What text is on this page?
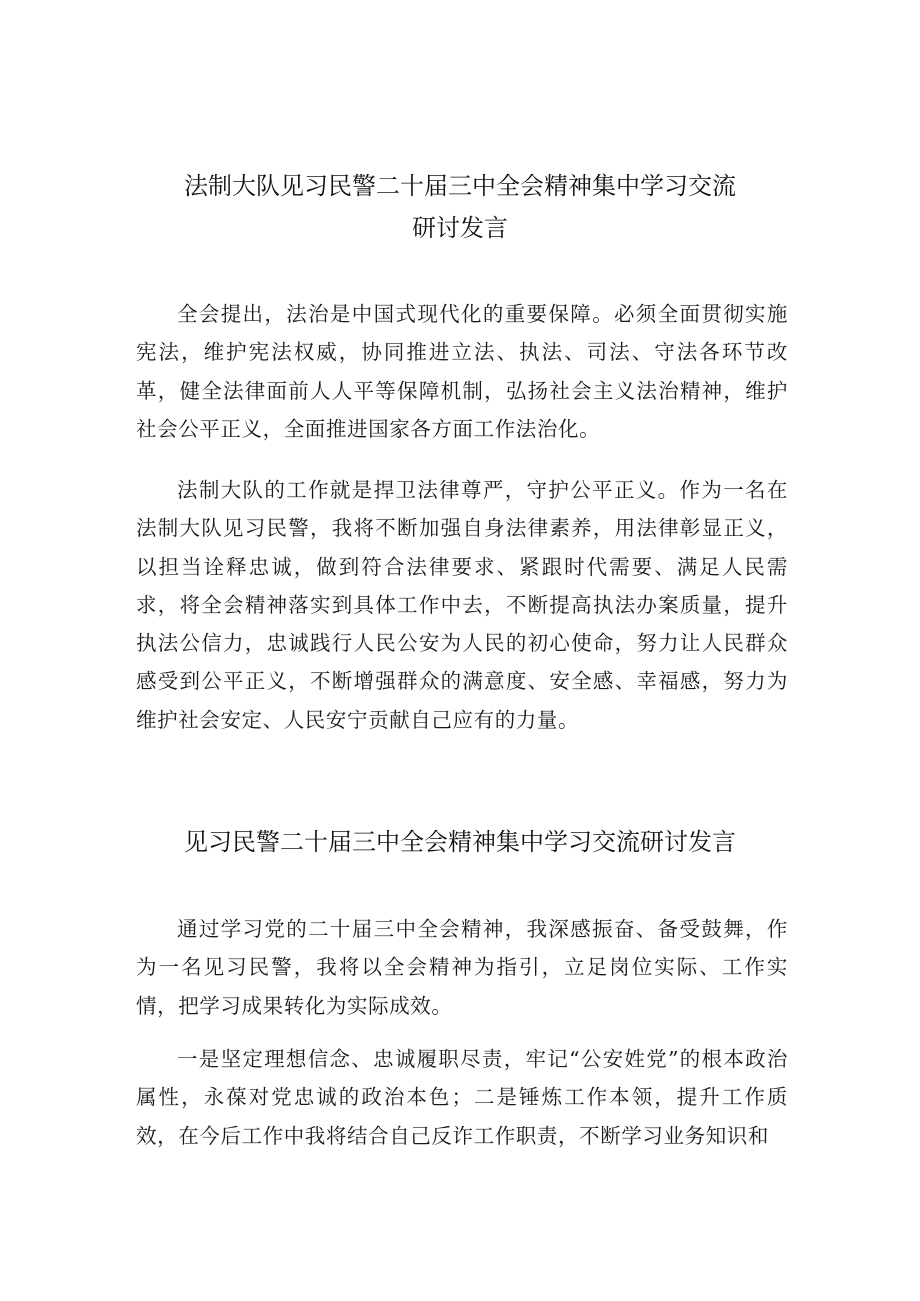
法制大队见习民警二十届三中全会精神集中学习交流
研讨发言

全会提出，法治是中国式现代化的重要保障。必须全面贯彻实施宪法，维护宪法权威，协同推进立法、执法、司法、守法各环节改革，健全法律面前人人平等保障机制，弘扬社会主义法治精神，维护社会公平正义，全面推进国家各方面工作法治化。

法制大队的工作就是捍卫法律尊严，守护公平正义。作为一名在法制大队见习民警，我将不断加强自身法律素养，用法律彰显正义，以担当诠释忠诚，做到符合法律要求、紧跟时代需要、满足人民需求，将全会精神落实到具体工作中去，不断提高执法办案质量，提升执法公信力，忠诚践行人民公安为人民的初心使命，努力让人民群众感受到公平正义，不断增强群众的满意度、安全感、幸福感，努力为维护社会安定、人民安宁贡献自己应有的力量。

见习民警二十届三中全会精神集中学习交流研讨发言

通过学习党的二十届三中全会精神，我深感振奋、备受鼓舞，作为一名见习民警，我将以全会精神为指引，立足岗位实际、工作实情，把学习成果转化为实际成效。

一是坚定理想信念、忠诚履职尽责，牢记“公安姓党”的根本政治属性，永葆对党忠诚的政治本色；二是锤炼工作本领，提升工作质效，在今后工作中我将结合自己反诈工作职责，不断学习业务知识和
